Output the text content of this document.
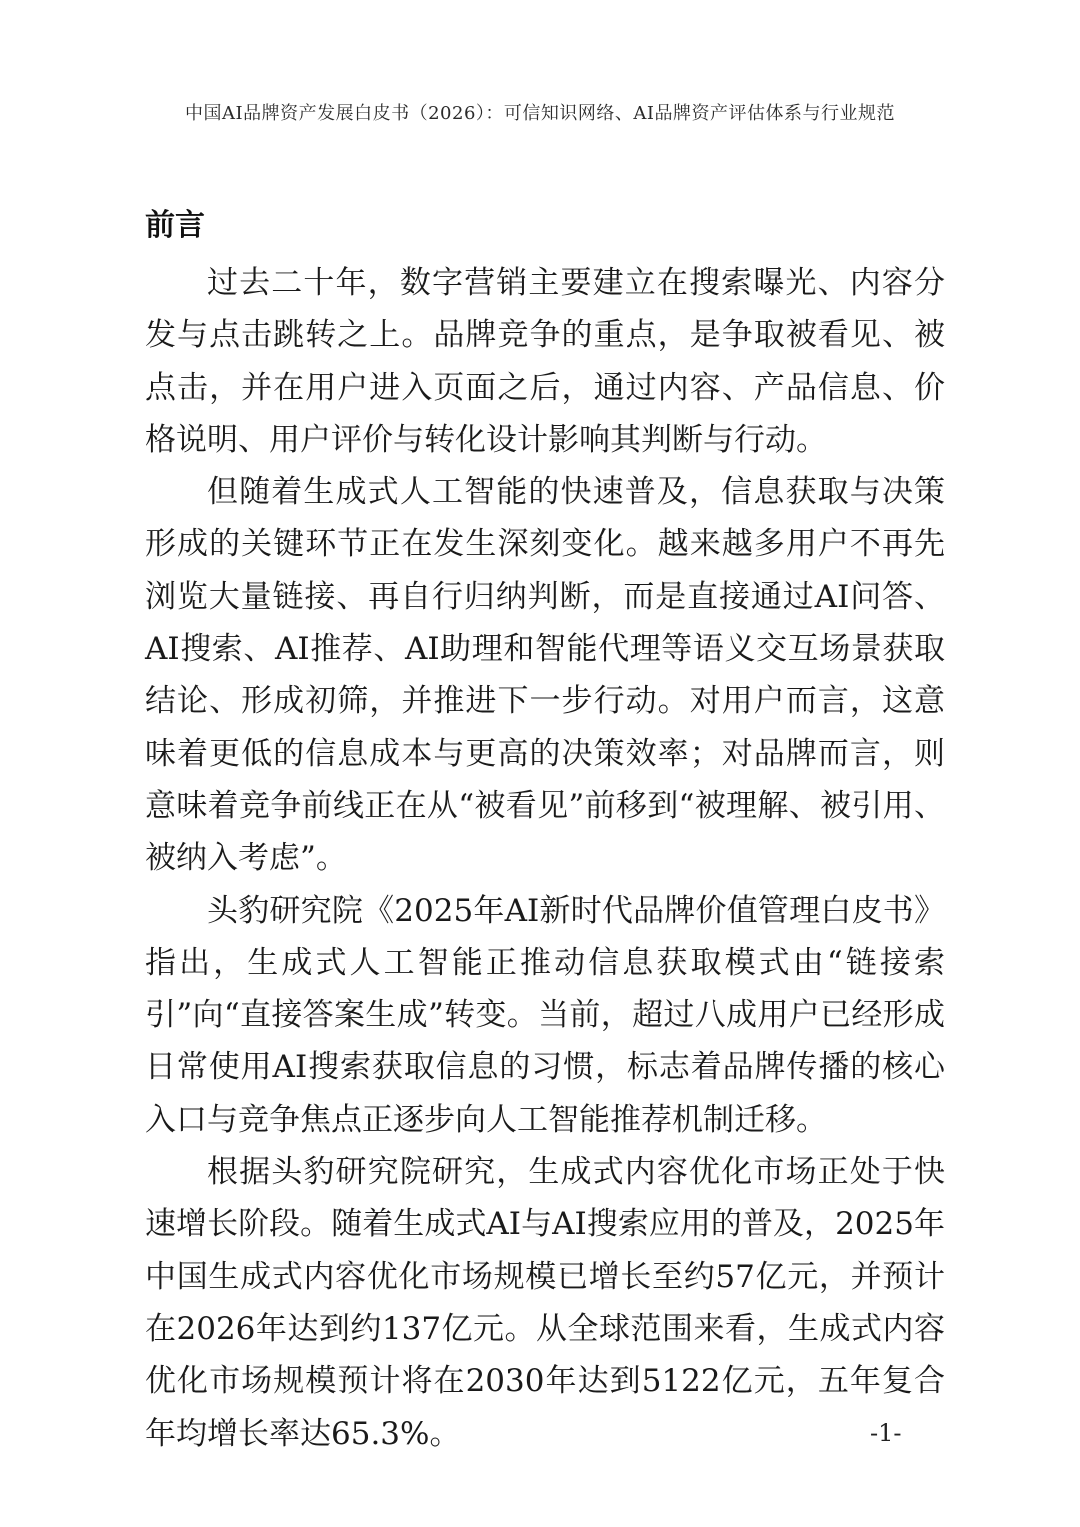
中国AI品牌资产发展白皮书（2026）：可信知识网络、AI品牌资产评估体系与行业规范
前言

过去二十年，数字营销主要建立在搜索曝光、内容分发与点击跳转之上。品牌竞争的重点，是争取被看见、被点击，并在用户进入页面之后，通过内容、产品信息、价格说明、用户评价与转化设计影响其判断与行动。

但随着生成式人工智能的快速普及，信息获取与决策形成的关键环节正在发生深刻变化。越来越多用户不再先浏览大量链接、再自行归纳判断，而是直接通过AI问答、AI搜索、AI推荐、AI助理和智能代理等语义交互场景获取结论、形成初筛，并推进下一步行动。对用户而言，这意味着更低的信息成本与更高的决策效率；对品牌而言，则意味着竞争前线正在从“被看见”前移到“被理解、被引用、被纳入考虑”。

头豹研究院《2025年AI新时代品牌价值管理白皮书》指出，生成式人工智能正推动信息获取模式由“链接索引”向“直接答案生成”转变。当前，超过八成用户已经形成日常使用AI搜索获取信息的习惯，标志着品牌传播的核心入口与竞争焦点正逐步向人工智能推荐机制迁移。

根据头豹研究院研究，生成式内容优化市场正处于快速增长阶段。随着生成式AI与AI搜索应用的普及，2025年中国生成式内容优化市场规模已增长至约57亿元，并预计在2026年达到约137亿元。从全球范围来看，生成式内容优化市场规模预计将在2030年达到5122亿元，五年复合年均增长率达65.3%。	-1-
